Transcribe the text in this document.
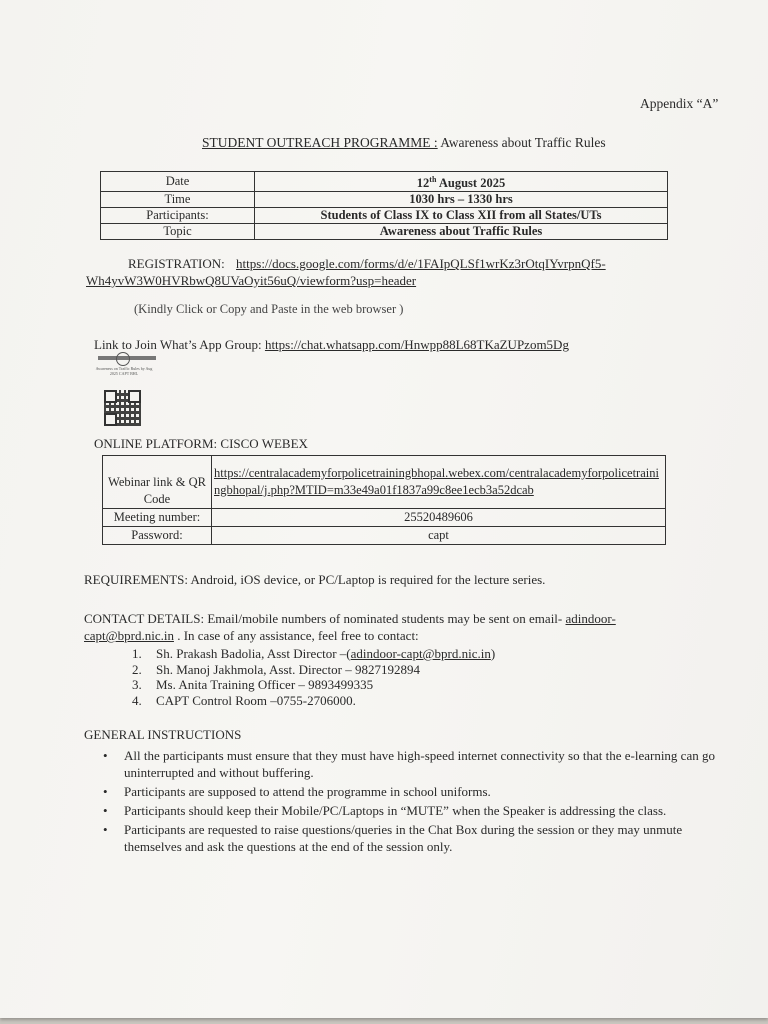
Appendix “A”
STUDENT OUTREACH PROGRAMME : Awareness about Traffic Rules
Date	12th August 2025
Time	1030 hrs – 1330 hrs
Participants:	Students of Class IX to Class XII from all States/UTs
Topic	Awareness about Traffic Rules
REGISTRATION: https://docs.google.com/forms/d/e/1FAIpQLSf1wrKz3rOtqIYvrpnQf5-
Wh4yvW3W0HVRbwQ8UVaOyit56uQ/viewform?usp=header
(Kindly Click or Copy and Paste in the web browser )
Link to Join What’s App Group: https://chat.whatsapp.com/Hnwpp88L68TKaZUPzom5Dg
Awareness on Traffic Rules by Aug 2025 CAPT BHL
ONLINE PLATFORM: CISCO WEBEX
Webinar link & QR Code	https://centralacademyforpolicetrainingbhopal.webex.com/centralacademyforpolicetrainingbhopal/j.php?MTID=m33e49a01f1837a99c8ee1ecb3a52dcab
Meeting number:	25520489606
Password:	capt
REQUIREMENTS: Android, iOS device, or PC/Laptop is required for the lecture series.
CONTACT DETAILS: Email/mobile numbers of nominated students may be sent on email- adindoor-
capt@bprd.nic.in . In case of any assistance, feel free to contact:
1. Sh. Prakash Badolia, Asst Director –(adindoor-capt@bprd.nic.in)
2. Sh. Manoj Jakhmola, Asst. Director – 9827192894
3. Ms. Anita Training Officer – 9893499335
4. CAPT Control Room –0755-2706000.
GENERAL INSTRUCTIONS
• All the participants must ensure that they must have high-speed internet connectivity so that the e-learning can go uninterrupted and without buffering.
• Participants are supposed to attend the programme in school uniforms.
• Participants should keep their Mobile/PC/Laptops in “MUTE” when the Speaker is addressing the class.
• Participants are requested to raise questions/queries in the Chat Box during the session or they may unmute themselves and ask the questions at the end of the session only.
